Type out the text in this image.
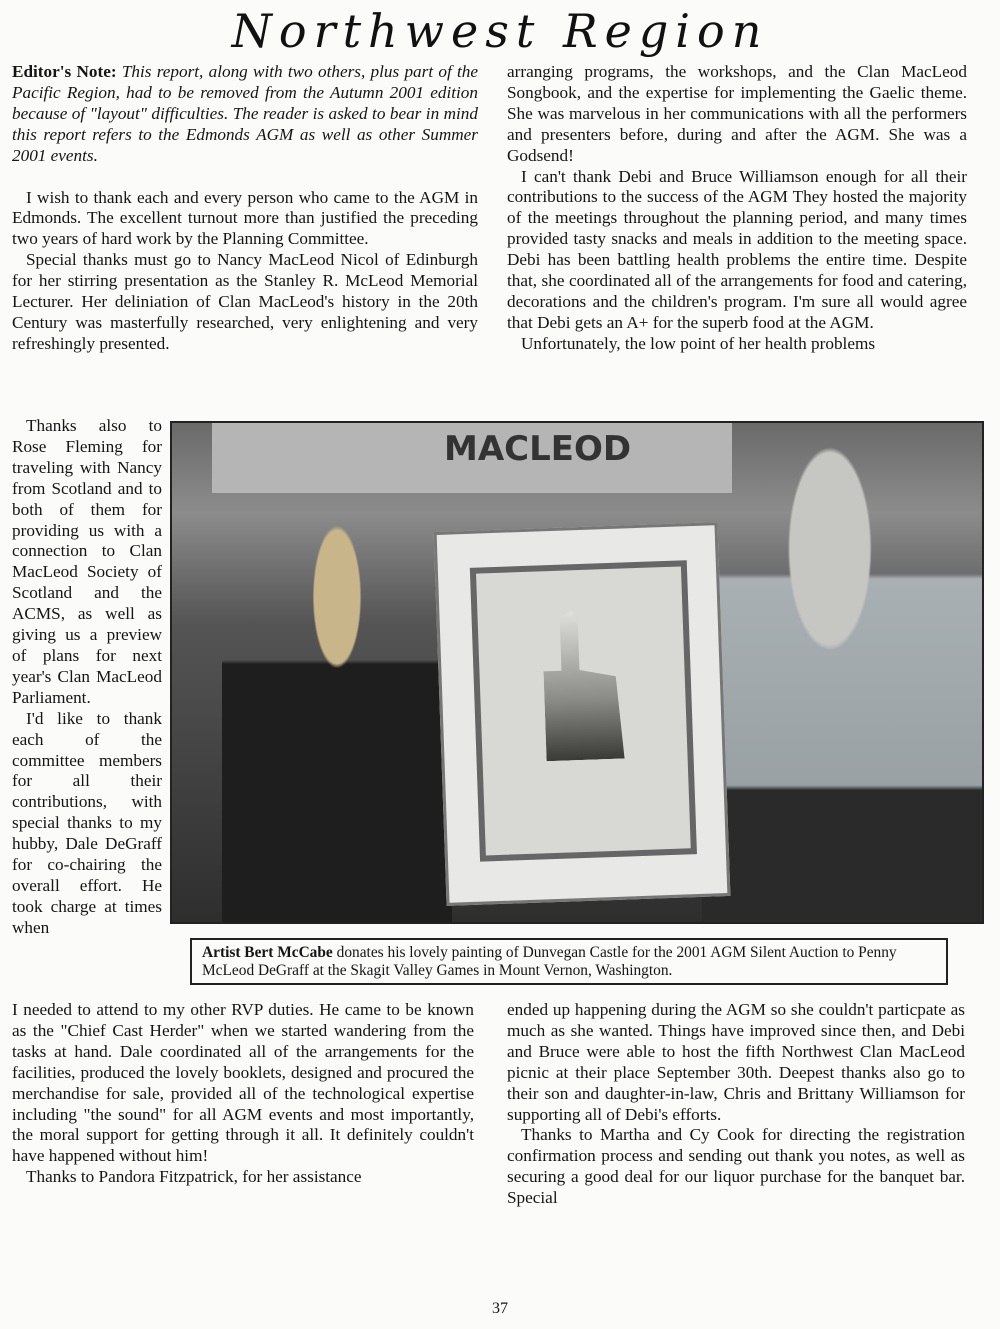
Northwest Region

Editor's Note: This report, along with two others, plus part of the Pacific Region, had to be removed from the Autumn 2001 edition because of "layout" difficulties. The reader is asked to bear in mind this report refers to the Edmonds AGM as well as other Summer 2001 events.

I wish to thank each and every person who came to the AGM in Edmonds. The excellent turnout more than justified the preceding two years of hard work by the Planning Committee.

Special thanks must go to Nancy MacLeod Nicol of Edinburgh for her stirring presentation as the Stanley R. McLeod Memorial Lecturer. Her deliniation of Clan MacLeod's history in the 20th Century was masterfully researched, very enlightening and very refreshingly presented.

Thanks also to Rose Fleming for traveling with Nancy from Scotland and to both of them for providing us with a connection to Clan MacLeod Society of Scotland and the ACMS, as well as giving us a preview of plans for next year's Clan MacLeod Parliament.

I'd like to thank each of the committee members for all their contributions, with special thanks to my hubby, Dale DeGraff for co-chairing the overall effort. He took charge at times when

MACLEOD
Artist Bert McCabe donates his lovely painting of Dunvegan Castle for the 2001 AGM Silent Auction to Penny McLeod DeGraff at the Skagit Valley Games in Mount Vernon, Washington.

I needed to attend to my other RVP duties. He came to be known as the "Chief Cast Herder" when we started wandering from the tasks at hand. Dale coordinated all of the arrangements for the facilities, produced the lovely booklets, designed and procured the merchandise for sale, provided all of the technological expertise including "the sound" for all AGM events and most importantly, the moral support for getting through it all. It definitely couldn't have happened without him!

Thanks to Pandora Fitzpatrick, for her assistance

arranging programs, the workshops, and the Clan MacLeod Songbook, and the expertise for implementing the Gaelic theme. She was marvelous in her communications with all the performers and presenters before, during and after the AGM. She was a Godsend!

I can't thank Debi and Bruce Williamson enough for all their contributions to the success of the AGM They hosted the majority of the meetings throughout the planning period, and many times provided tasty snacks and meals in addition to the meeting space. Debi has been battling health problems the entire time. Despite that, she coordinated all of the arrangements for food and catering, decorations and the children's program. I'm sure all would agree that Debi gets an A+ for the superb food at the AGM.

Unfortunately, the low point of her health problems

ended up happening during the AGM so she couldn't particpate as much as she wanted. Things have improved since then, and Debi and Bruce were able to host the fifth Northwest Clan MacLeod picnic at their place September 30th. Deepest thanks also go to their son and daughter-in-law, Chris and Brittany Williamson for supporting all of Debi's efforts.

Thanks to Martha and Cy Cook for directing the registration confirmation process and sending out thank you notes, as well as securing a good deal for our liquor purchase for the banquet bar. Special

37
